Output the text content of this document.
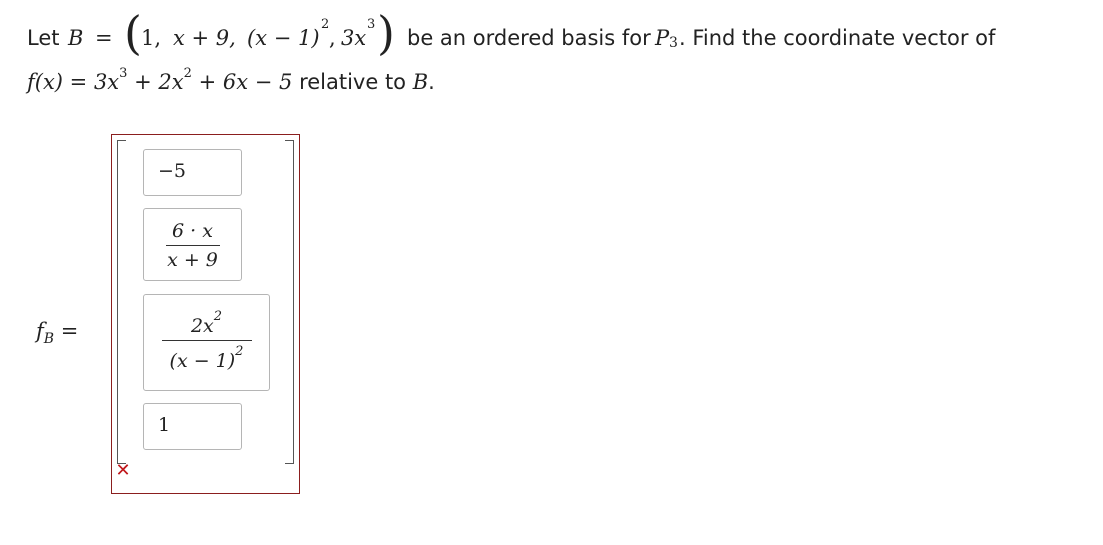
Let B = ( 1, x + 9, (x − 1)
2
, 3x
3 ) be an ordered basis for P 3 . Find the coordinate vector of
$f(x) = 3x^3 + 2x^2 + 6x - 5$ relative to B.
$f_B$ =
−5
6 · x
x + 9
$2x^2$
$(x - 1)^2$
1
✕
